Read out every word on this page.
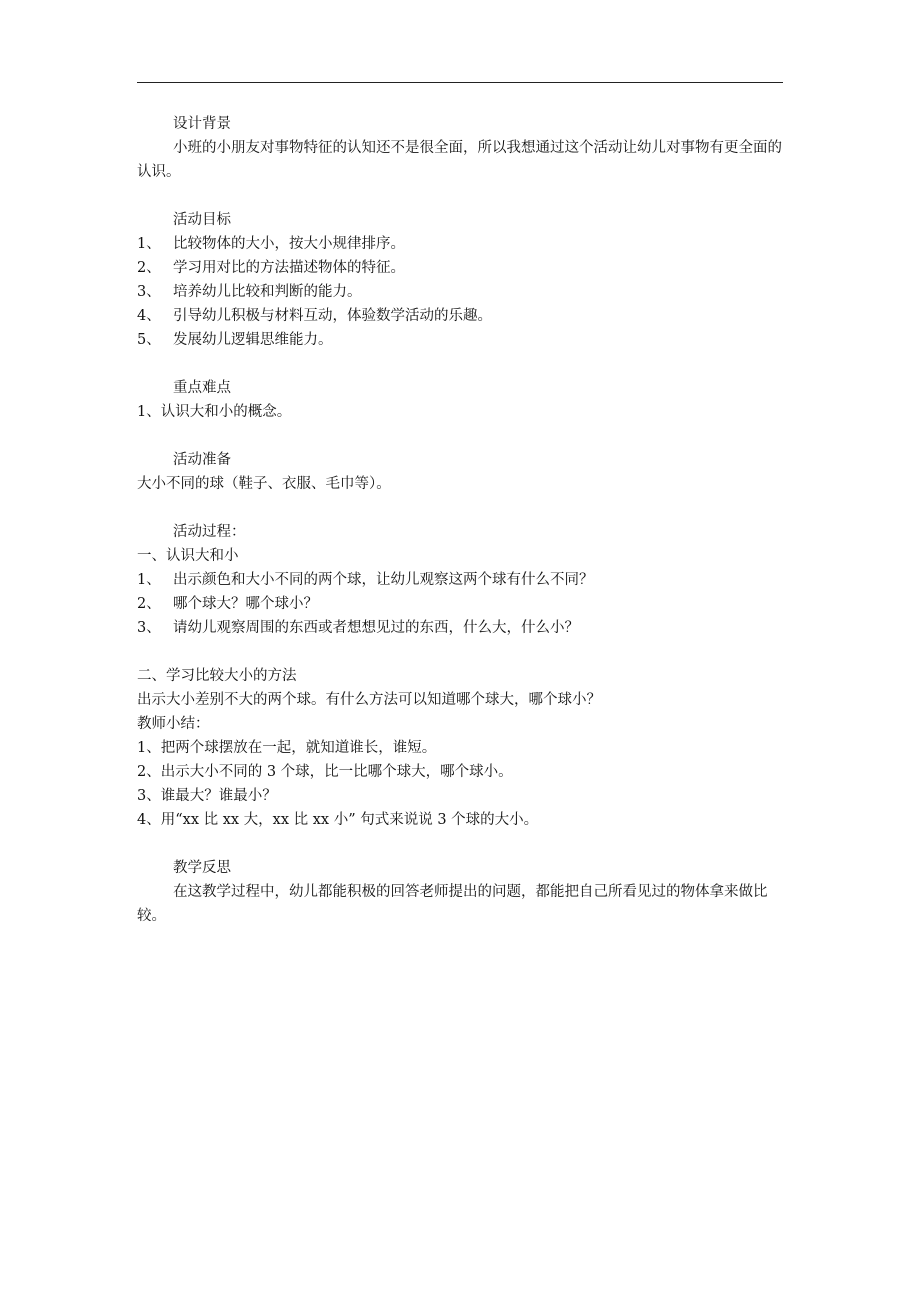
设计背景
小班的小朋友对事物特征的认知还不是很全面，所以我想通过这个活动让幼儿对事物有更全面的认识。
活动目标
1、 比较物体的大小，按大小规律排序。
2、 学习用对比的方法描述物体的特征。
3、 培养幼儿比较和判断的能力。
4、 引导幼儿积极与材料互动，体验数学活动的乐趣。
5、 发展幼儿逻辑思维能力。
重点难点
1、认识大和小的概念。
活动准备
大小不同的球（鞋子、衣服、毛巾等）。
活动过程：
一、认识大和小
1、 出示颜色和大小不同的两个球，让幼儿观察这两个球有什么不同？
2、 哪个球大？哪个球小？
3、 请幼儿观察周围的东西或者想想见过的东西，什么大，什么小？
二、学习比较大小的方法
出示大小差别不大的两个球。有什么方法可以知道哪个球大，哪个球小？
教师小结：
1、把两个球摆放在一起，就知道谁长，谁短。
2、出示大小不同的 3 个球，比一比哪个球大，哪个球小。
3、谁最大？谁最小？
4、用“xx 比 xx 大，xx 比 xx 小” 句式来说说 3 个球的大小。
教学反思
在这教学过程中，幼儿都能积极的回答老师提出的问题，都能把自己所看见过的物体拿来做比较。
